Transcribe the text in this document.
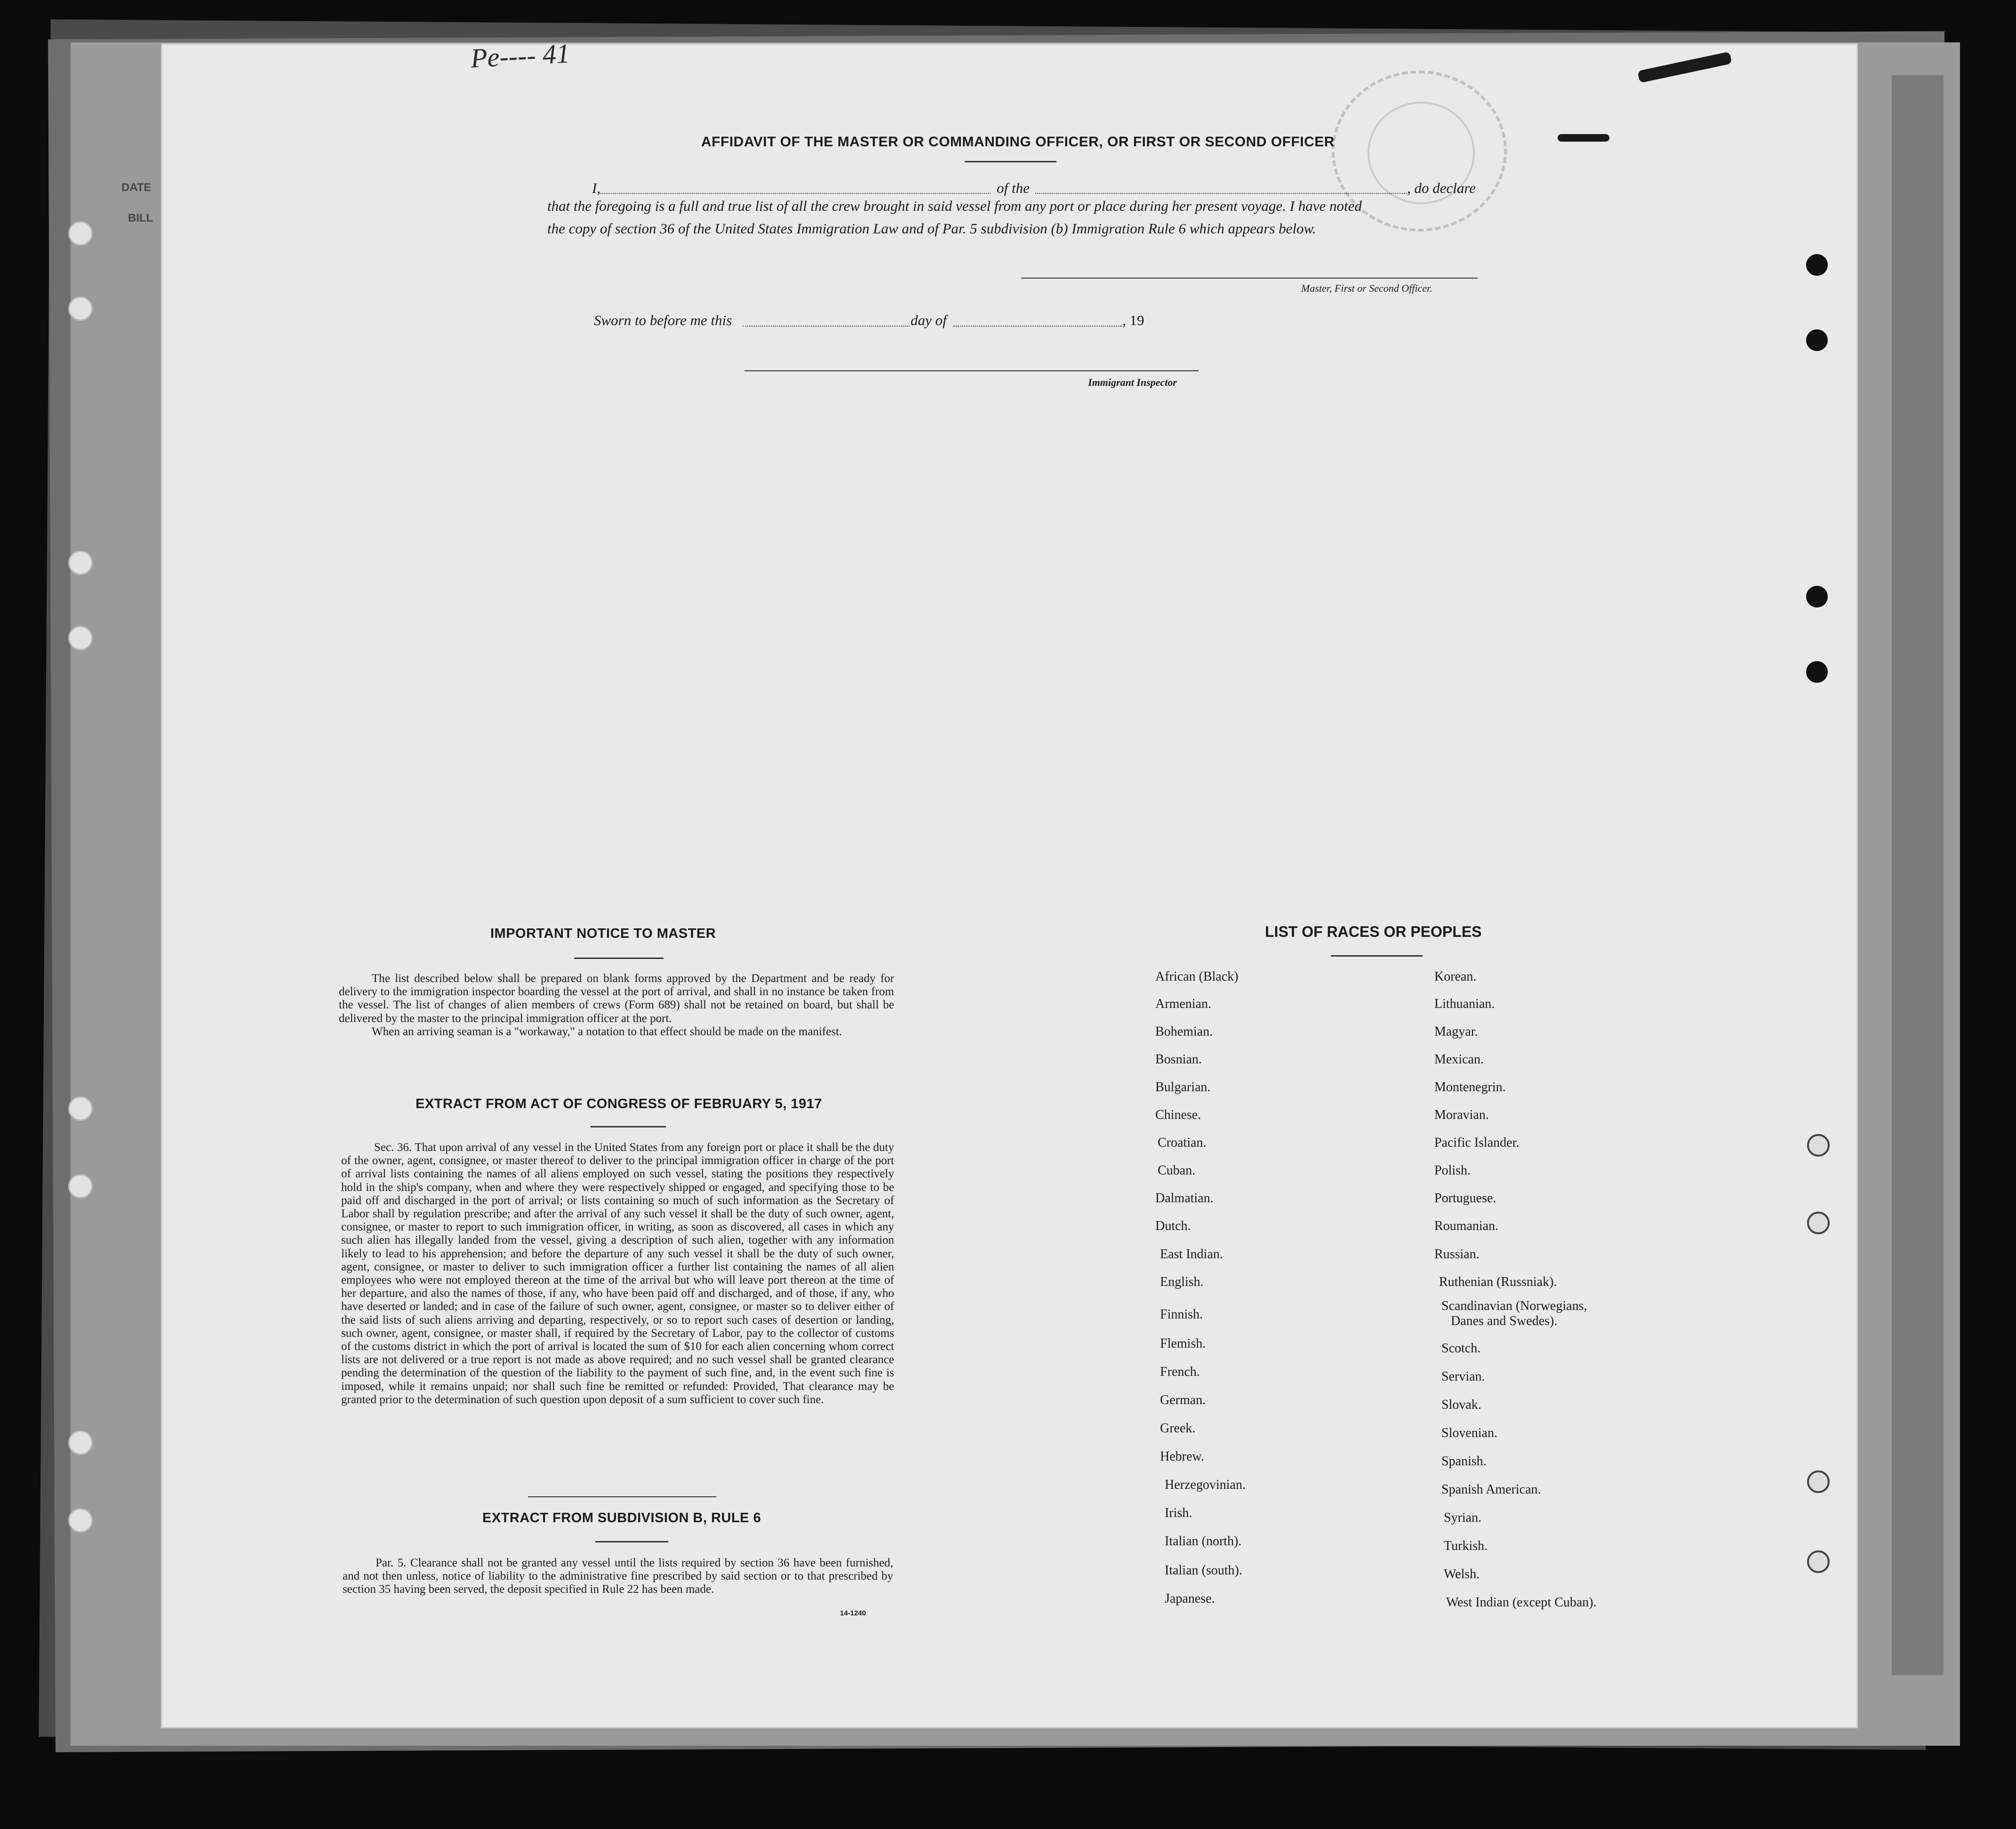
DATE
BILL
Pe---- 41
AFFIDAVIT OF THE MASTER OR COMMANDING OFFICER, OR FIRST OR SECOND OFFICER
I,	of the	, do declare
that the foregoing is a full and true list of all the crew brought in said vessel from any port or place during her present voyage. I have noted
the copy of section 36 of the United States Immigration Law and of Par. 5 subdivision (b) Immigration Rule 6 which appears below.
Master, First or Second Officer.
Sworn to before me this	day of	, 19
Immigrant Inspector
IMPORTANT NOTICE TO MASTER

The list described below shall be prepared on blank forms approved by the Department and be ready for delivery to the immigration inspector boarding the vessel at the port of arrival, and shall in no instance be taken from the vessel. The list of changes of alien members of crews (Form 689) shall not be retained on board, but shall be delivered by the master to the principal immigration officer at the port.

When an arriving seaman is a "workaway," a notation to that effect should be made on the manifest.

EXTRACT FROM ACT OF CONGRESS OF FEBRUARY 5, 1917

Sec. 36. That upon arrival of any vessel in the United States from any foreign port or place it shall be the duty of the owner, agent, consignee, or master thereof to deliver to the principal immigration officer in charge of the port of arrival lists containing the names of all aliens employed on such vessel, stating the positions they respectively hold in the ship's company, when and where they were respectively shipped or engaged, and specifying those to be paid off and discharged in the port of arrival; or lists containing so much of such information as the Secretary of Labor shall by regulation prescribe; and after the arrival of any such vessel it shall be the duty of such owner, agent, consignee, or master to report to such immigration officer, in writing, as soon as discovered, all cases in which any such alien has illegally landed from the vessel, giving a description of such alien, together with any information likely to lead to his apprehension; and before the departure of any such vessel it shall be the duty of such owner, agent, consignee, or master to deliver to such immigration officer a further list containing the names of all alien employees who were not employed thereon at the time of the arrival but who will leave port thereon at the time of her departure, and also the names of those, if any, who have been paid off and discharged, and of those, if any, who have deserted or landed; and in case of the failure of such owner, agent, consignee, or master so to deliver either of the said lists of such aliens arriving and departing, respectively, or so to report such cases of desertion or landing, such owner, agent, consignee, or master shall, if required by the Secretary of Labor, pay to the collector of customs of the customs district in which the port of arrival is located the sum of $10 for each alien concerning whom correct lists are not delivered or a true report is not made as above required; and no such vessel shall be granted clearance pending the determination of the question of the liability to the payment of such fine, and, in the event such fine is imposed, while it remains unpaid; nor shall such fine be remitted or refunded: Provided, That clearance may be granted prior to the determination of such question upon deposit of a sum sufficient to cover such fine.

EXTRACT FROM SUBDIVISION B, RULE 6

Par. 5. Clearance shall not be granted any vessel until the lists required by section 36 have been furnished, and not then unless, notice of liability to the administrative fine prescribed by said section or to that prescribed by section 35 having been served, the deposit specified in Rule 22 has been made.

14-1240
LIST OF RACES OR PEOPLES
African (Black)
Armenian.
Bohemian.
Bosnian.
Bulgarian.
Chinese.
Croatian.
Cuban.
Dalmatian.
Dutch.
East Indian.
English.
Finnish.
Flemish.
French.
German.
Greek.
Hebrew.
Herzegovinian.
Irish.
Italian (north).
Italian (south).
Japanese.
Korean.
Lithuanian.
Magyar.
Mexican.
Montenegrin.
Moravian.
Pacific Islander.
Polish.
Portuguese.
Roumanian.
Russian.
Ruthenian (Russniak).
Scandinavian (Norwegians,
Danes and Swedes).
Scotch.
Servian.
Slovak.
Slovenian.
Spanish.
Spanish American.
Syrian.
Turkish.
Welsh.
West Indian (except Cuban).
